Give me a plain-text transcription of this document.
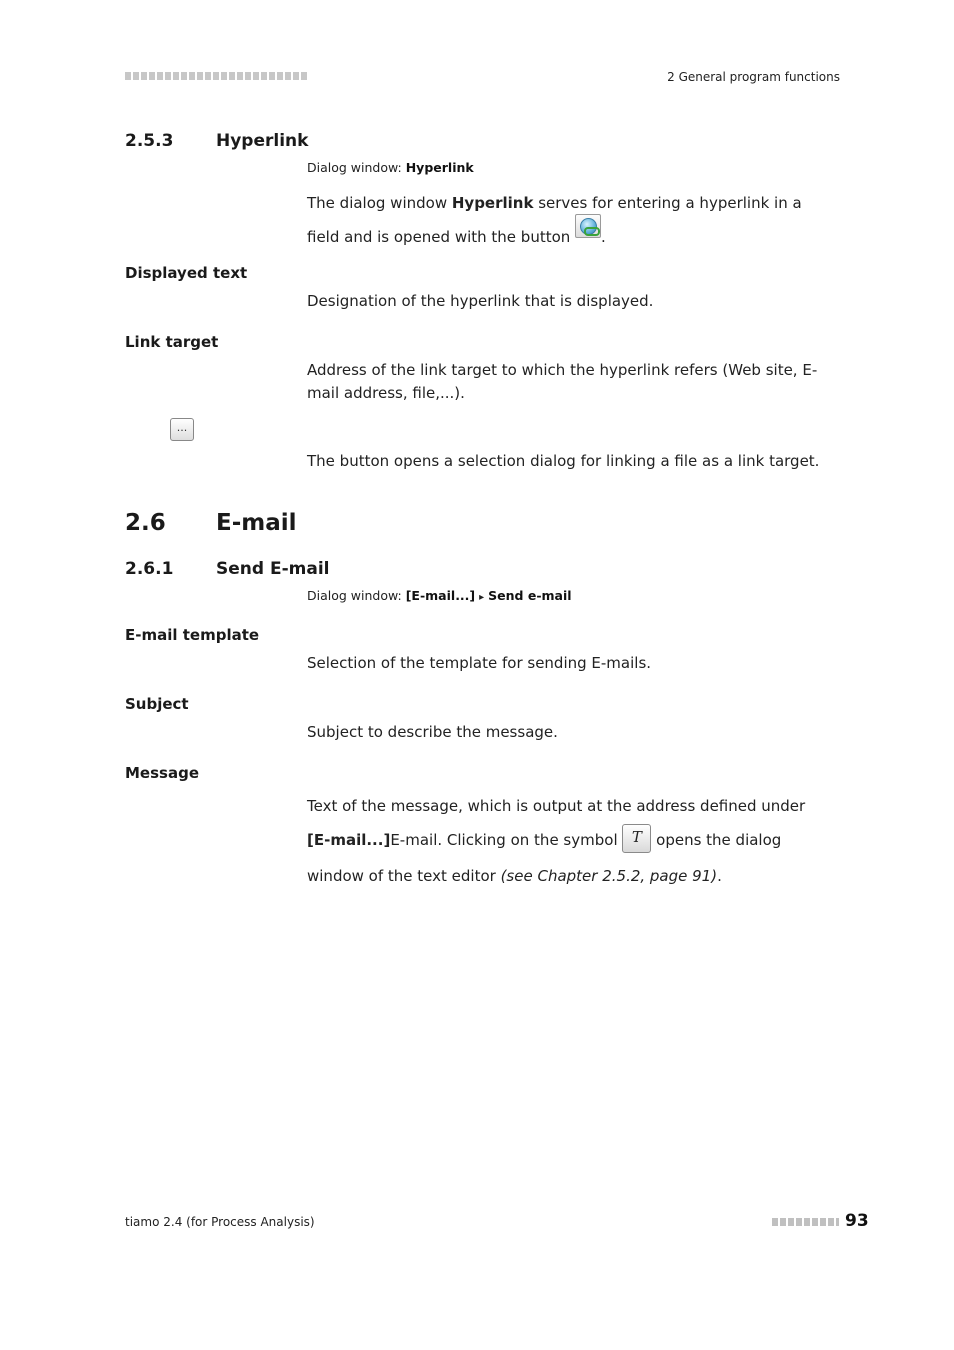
2 General program functions
2.5.3	Hyperlink
Dialog window: Hyperlink
The dialog window Hyperlink serves for entering a hyperlink in a field and is opened with the button
.
Displayed text
Designation of the hyperlink that is displayed.
Link target
Address of the link target to which the hyperlink refers (Web site, E-mail address, file,...).
...
The button opens a selection dialog for linking a file as a link target.
2.6 E-mail
2.6.1	Send E-mail
Dialog window: [E-mail...] ▸ Send e-mail
E-mail template
Selection of the template for sending E-mails.
Subject
Subject to describe the message.
Message
Text of the message, which is output at the address defined under [E-mail...]E-mail. Clicking on the symbol T opens the dialog window of the text editor (see Chapter 2.5.2, page 91).
tiamo 2.4 (for Process Analysis)	93
